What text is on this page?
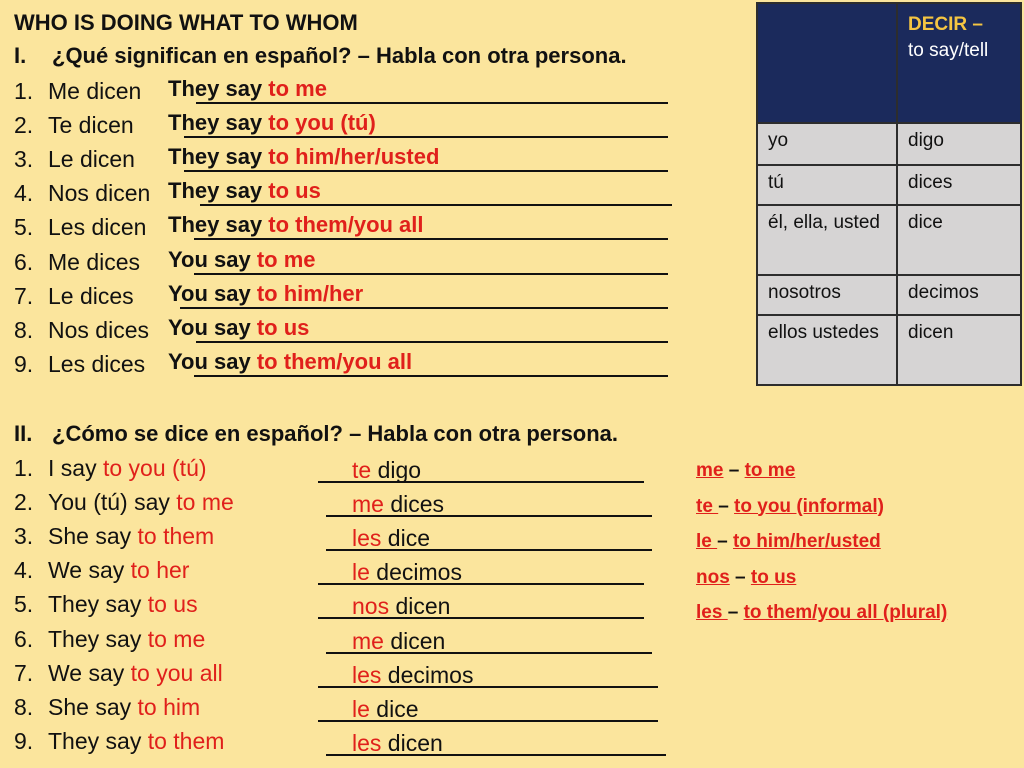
WHO IS DOING WHAT TO WHOM
I. ¿Qué significan en español? – Habla con otra persona.
1. Me dicen They say to me
2. Te dicen They say to you (tú)
3. Le dicen They say to him/her/usted
4. Nos dicen They say to us
5. Les dicen They say to them/you all
6. Me dices You say to me
7. Le dices You say to him/her
8. Nos dices You say to us
9. Les dices You say to them/you all
II. ¿Cómo se dice en español? – Habla con otra persona.
1. I say to you (tú)	te digo
2. You (tú) say to me	me dices
3. She say to them	les dice
4. We say to her	le decimos
5. They say to us	nos dicen
6. They say to me	me dicen
7. We say to you all	les decimos
8. She say to him	le dice
9. They say to them	les dicen
me – to me
te – to you (informal)
le – to him/her/usted
nos – to us
les – to them/you all (plural)
	DECIR –
to say/tell
yo	digo
tú	dices
él, ella, usted	dice
nosotros	decimos
ellos ustedes	dicen
